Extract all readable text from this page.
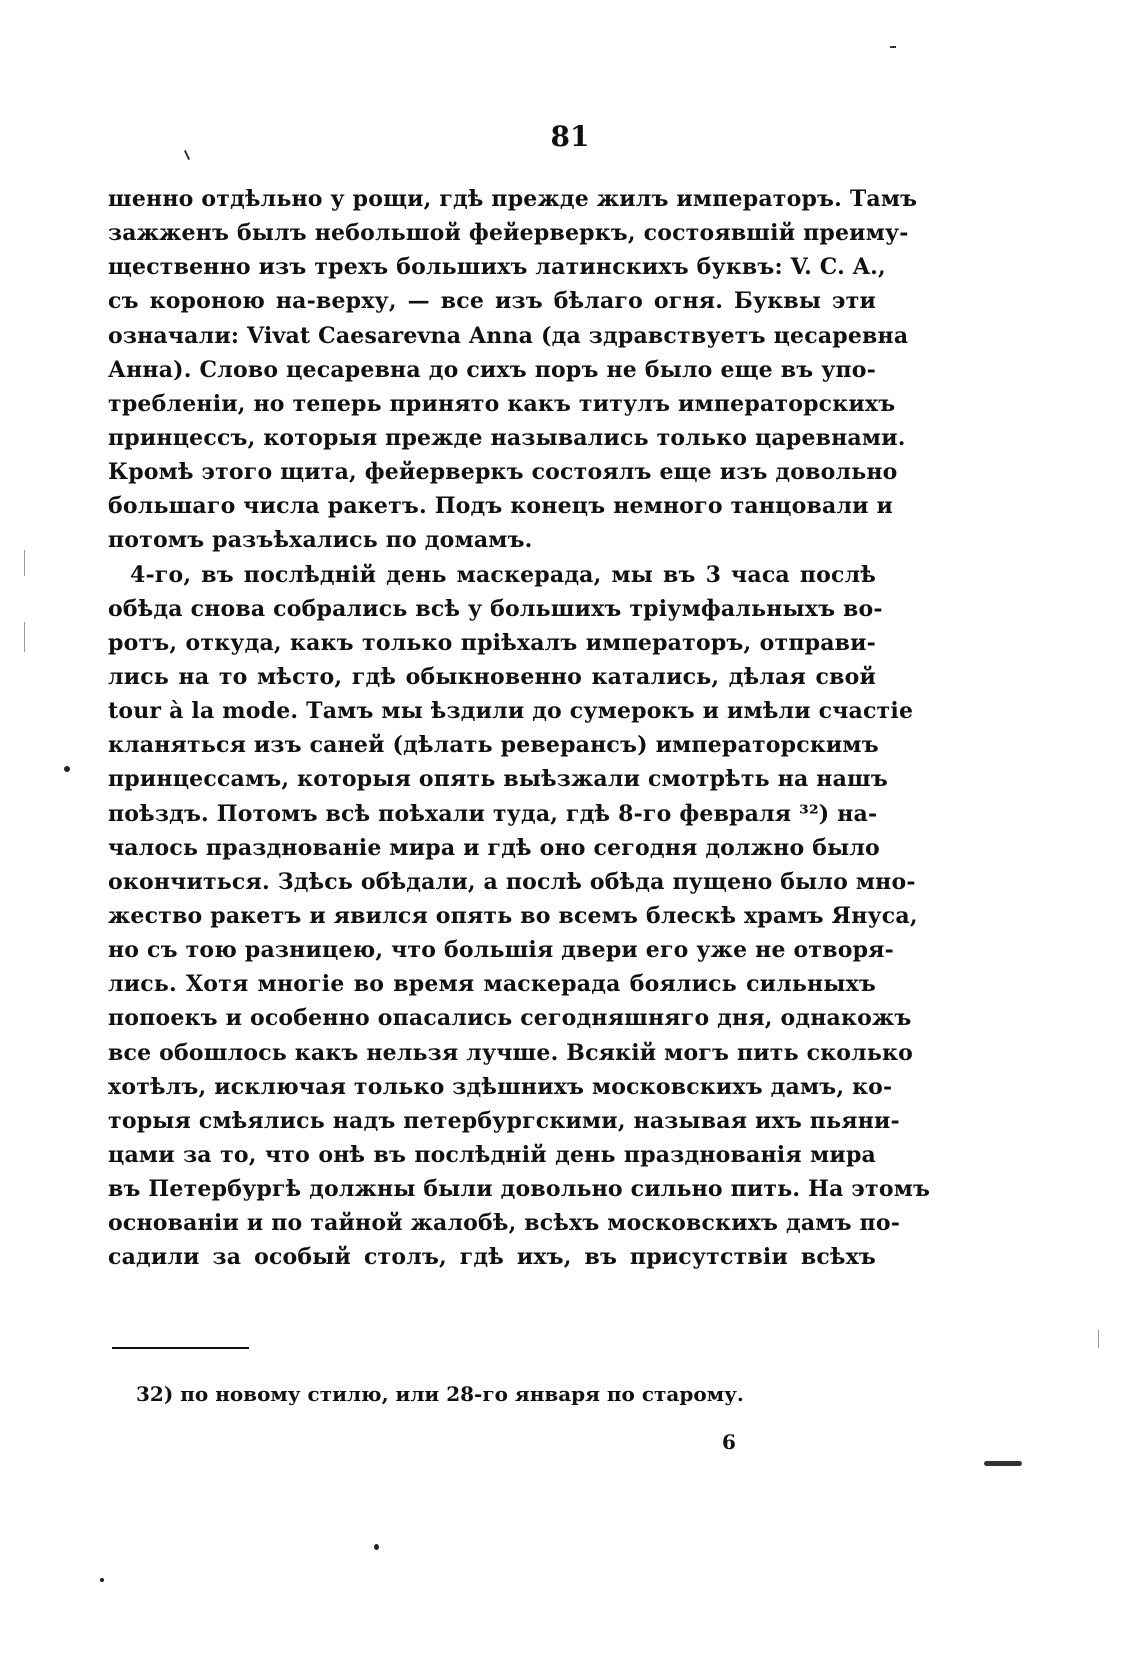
81
шенно отдѣльно у рощи, гдѣ прежде жилъ императоръ. Тамъ
зажженъ былъ небольшой фейерверкъ, состоявшій преиму-
щественно изъ трехъ большихъ латинскихъ буквъ: V. C. A.,
съ короною на-верху, — все изъ бѣлаго огня. Буквы эти
означали: Vivat Caesarevna Anna (да здравствуетъ цесаревна
Анна). Слово цесаревна до сихъ поръ не было еще въ упо-
требленіи, но теперь принято какъ титулъ императорскихъ
принцессъ, которыя прежде назывались только царевнами.
Кромѣ этого щита, фейерверкъ состоялъ еще изъ довольно
большаго числа ракетъ. Подъ конецъ немного танцовали и
потомъ разъѣхались по домамъ.
4-го, въ послѣдній день маскерада, мы въ 3 часа послѣ
обѣда снова собрались всѣ у большихъ тріумфальныхъ во-
ротъ, откуда, какъ только пріѣхалъ императоръ, отправи-
лись на то мѣсто, гдѣ обыкновенно катались, дѣлая свой
tour à la mode. Тамъ мы ѣздили до сумерокъ и имѣли счастіе
кланяться изъ саней (дѣлать реверансъ) императорскимъ
принцессамъ, которыя опять выѣзжали смотрѣть на нашъ
поѣздъ. Потомъ всѣ поѣхали туда, гдѣ 8-го февраля ³²) на-
чалось празднованіе мира и гдѣ оно сегодня должно было
окончиться. Здѣсь обѣдали, а послѣ обѣда пущено было мно-
жество ракетъ и явился опять во всемъ блескѣ храмъ Януса,
но съ тою разницею, что большія двери его уже не отворя-
лись. Хотя многіе во время маскерада боялись сильныхъ
попоекъ и особенно опасались сегодняшняго дня, однакожъ
все обошлось какъ нельзя лучше. Всякій могъ пить сколько
хотѣлъ, исключая только здѣшнихъ московскихъ дамъ, ко-
торыя смѣялись надъ петербургскими, называя ихъ пьяни-
цами за то, что онѣ въ послѣдній день празднованія мира
въ Петербургѣ должны были довольно сильно пить. На этомъ
основаніи и по тайной жалобѣ, всѣхъ московскихъ дамъ по-
садили за особый столъ, гдѣ ихъ, въ присутствіи всѣхъ
32) по новому стилю, или 28-го января по старому.
6
